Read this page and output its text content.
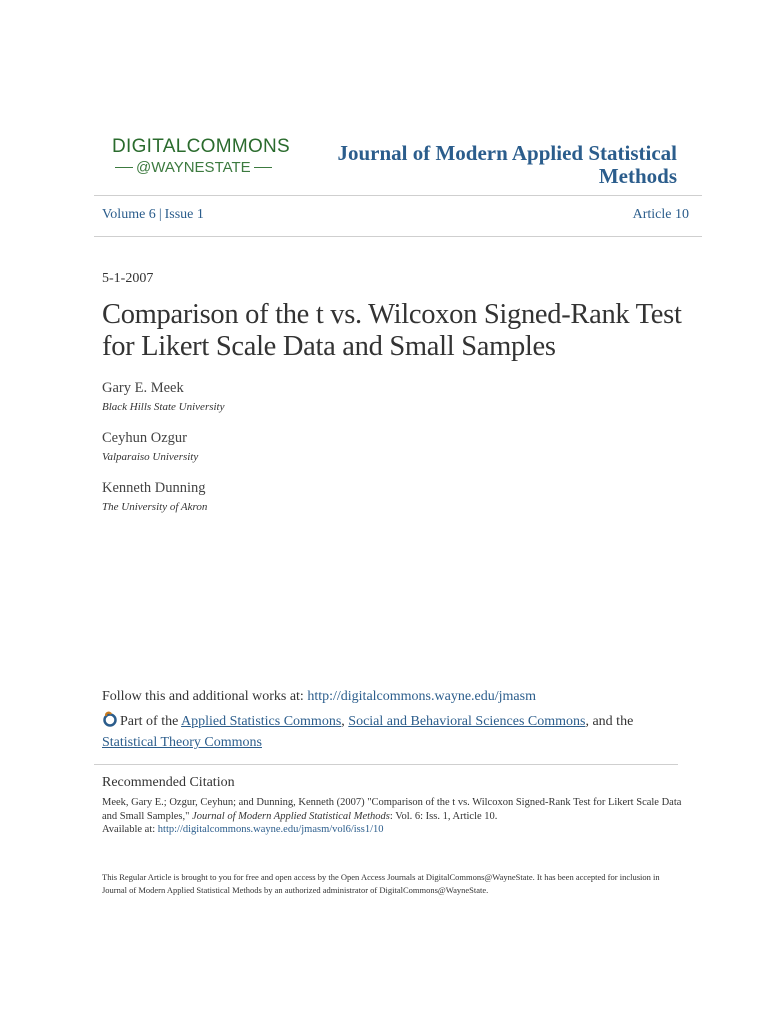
DIGITALCOMMONS
@WAYNESTATE
Journal of Modern Applied Statistical Methods
Volume 6 | Issue 1	Article 10
5-1-2007
Comparison of the t vs. Wilcoxon Signed-Rank Test for Likert Scale Data and Small Samples
Gary E. Meek
Black Hills State University
Ceyhun Ozgur
Valparaiso University
Kenneth Dunning
The University of Akron
Follow this and additional works at: http://digitalcommons.wayne.edu/jmasm
Part of the Applied Statistics Commons, Social and Behavioral Sciences Commons, and the
Statistical Theory Commons
Recommended Citation
Meek, Gary E.; Ozgur, Ceyhun; and Dunning, Kenneth (2007) "Comparison of the t vs. Wilcoxon Signed-Rank Test for Likert Scale Data and Small Samples," Journal of Modern Applied Statistical Methods: Vol. 6: Iss. 1, Article 10.
Available at: http://digitalcommons.wayne.edu/jmasm/vol6/iss1/10
This Regular Article is brought to you for free and open access by the Open Access Journals at DigitalCommons@WayneState. It has been accepted for inclusion in Journal of Modern Applied Statistical Methods by an authorized administrator of DigitalCommons@WayneState.
